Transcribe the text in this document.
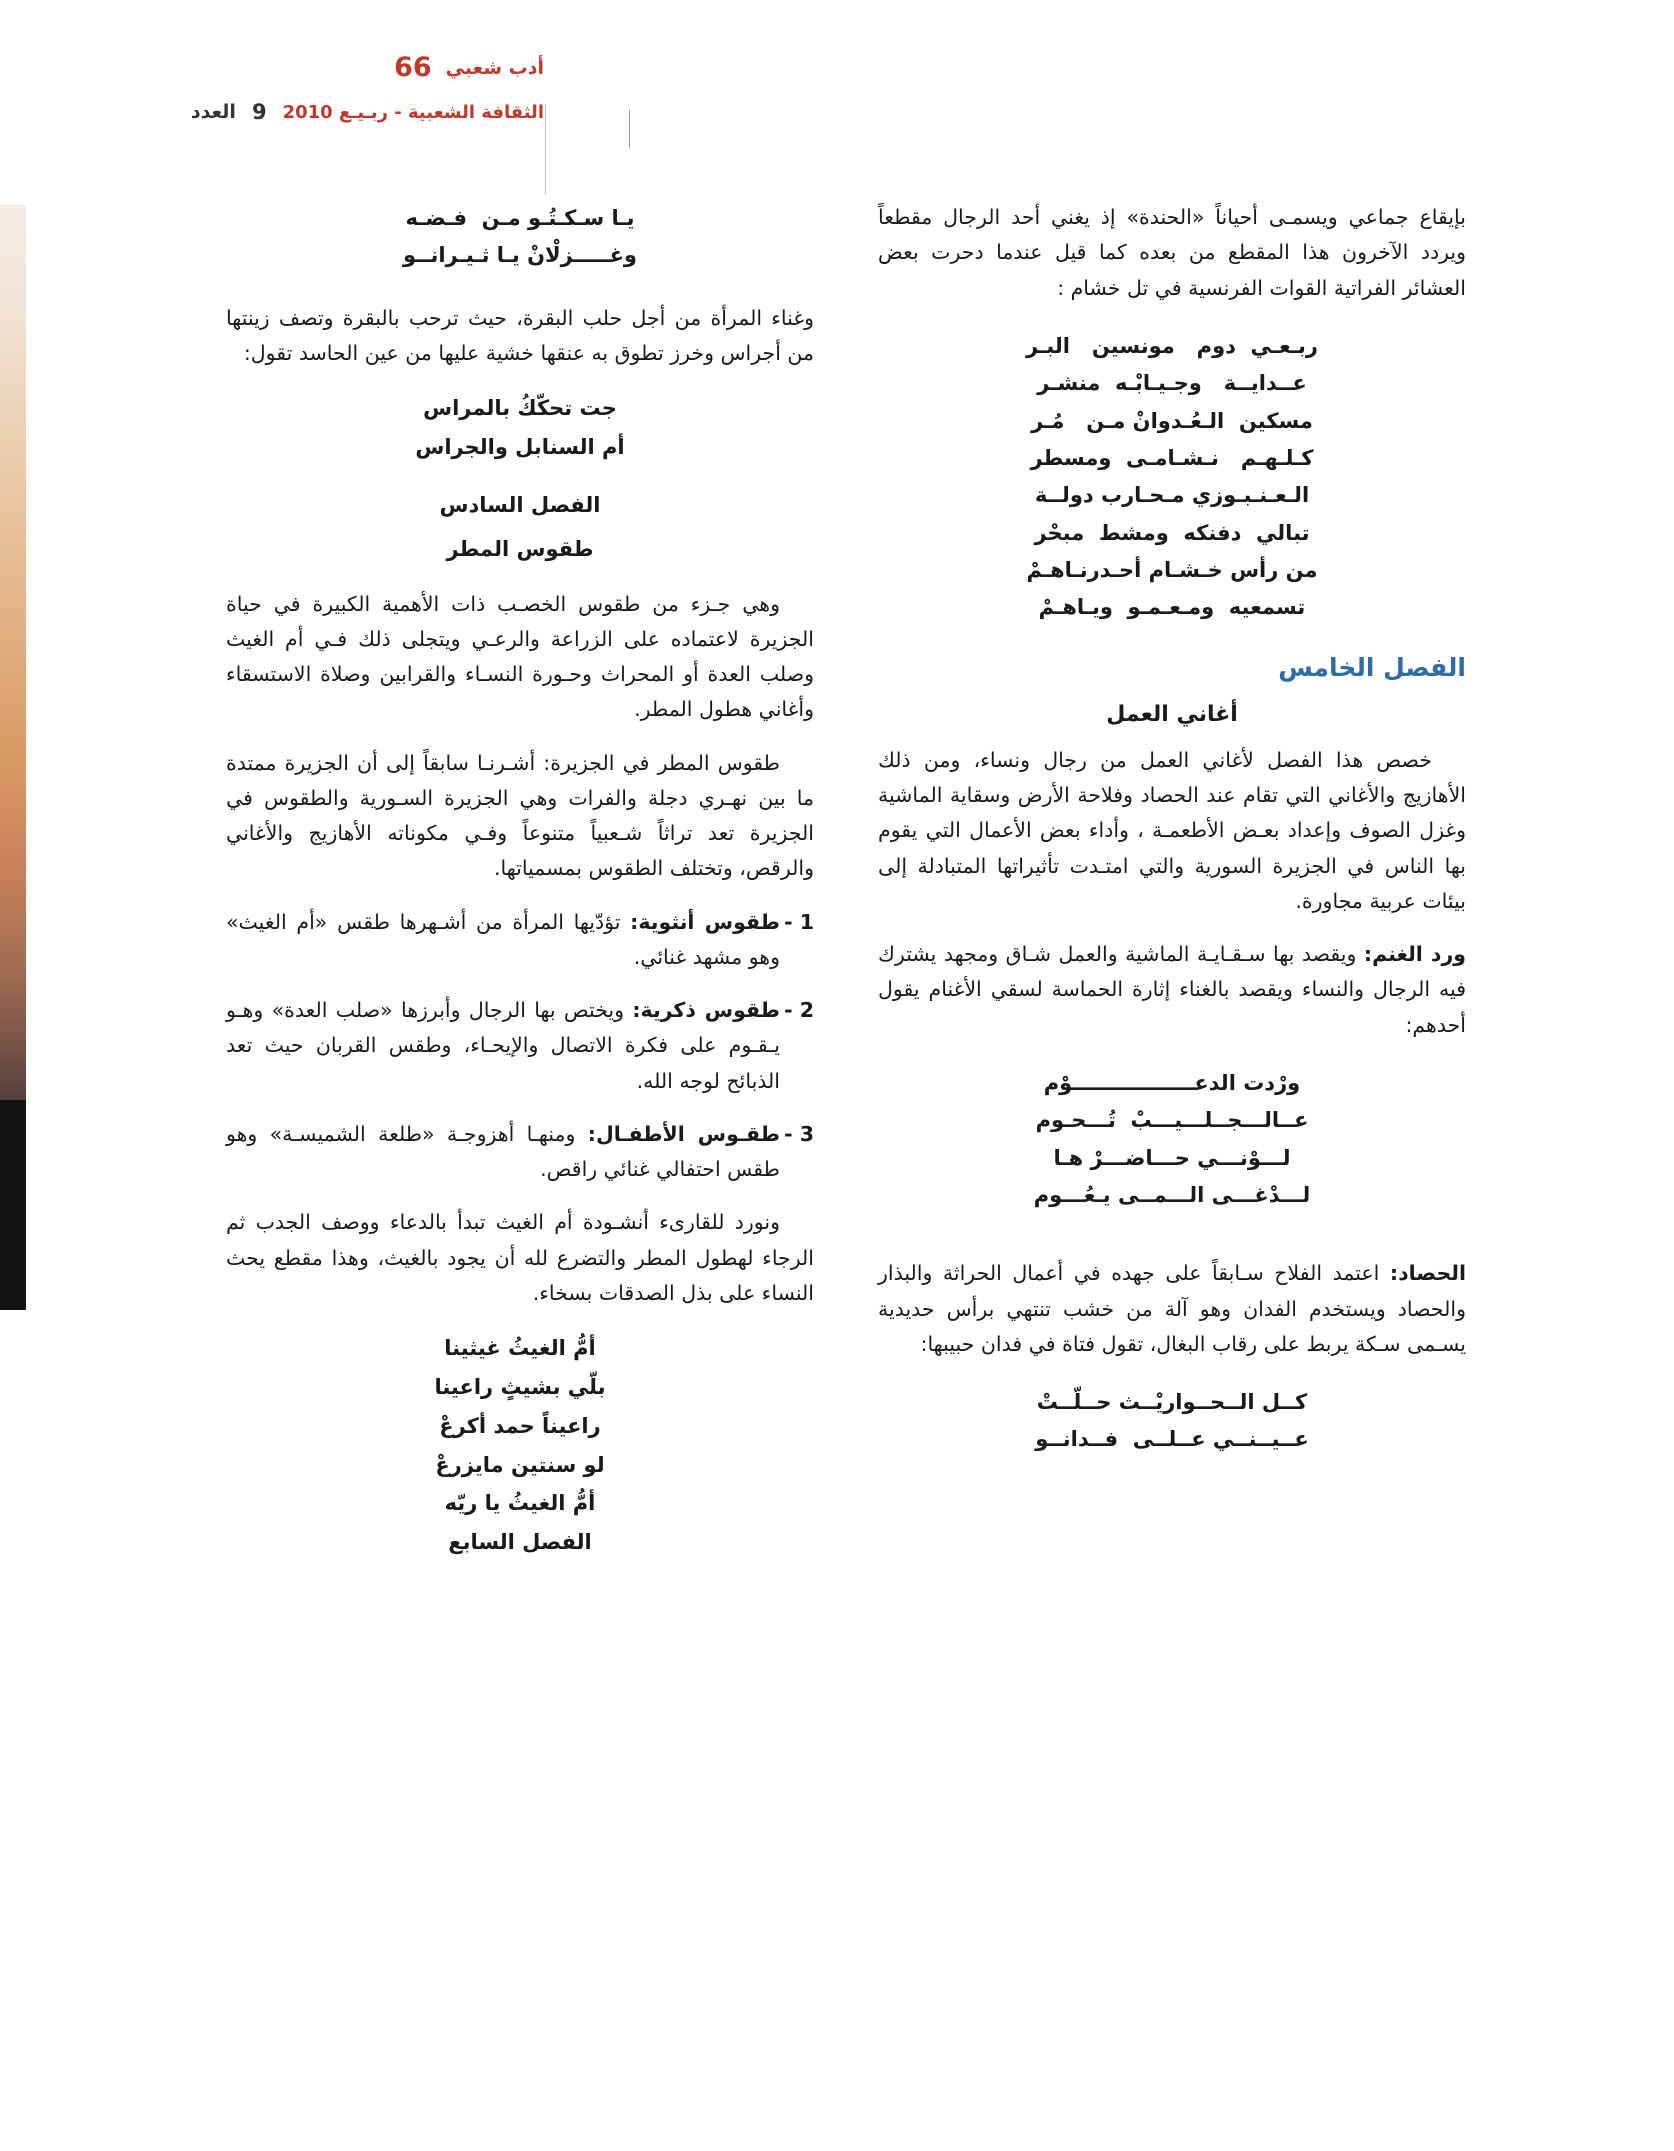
أدب شعبي
66
الثقافة الشعبية - ربـيـع 2010
9
العدد

بإيقاع جماعي ويسمـى أحياناً «الحندة» إذ يغني أحد الرجال مقطعاً ويردد الآخرون هذا المقطع من بعده كما قيل عندما دحرت بعض العشائر الفراتية القوات الفرنسية في تل خشام :

ربـعـي  دوم   مونسين   البـر
عــدايــة   وجـيـابْـه  منشـر
مسكين  الـعُـدوانْ مـن   مُـر
كـلـهـم   نـشـامـى  ومسطر
الـعـنـبـوزي مـحـارب دولــة
تبالي  دفنكه  ومشط  مبحْر
من رأس خـشـام أحـدرنـاهـمْ
تسمعيه  ومـعـمـو  ويـاهـمْ
الفصل الخامس
أغاني العمل

خصص هذا الفصل لأغاني العمل من رجال ونساء، ومن ذلك الأهازيج والأغاني التي تقام عند الحصاد وفلاحة الأرض وسقاية الماشية وغزل الصوف وإعداد بعـض الأطعمـة ، وأداء بعض الأعمال التي يقوم بها الناس في الجزيرة السورية والتي امتـدت تأثيراتها المتبادلة إلى بيئات عربية مجاورة.

ورد الغنم: ويقصد بها سـقـايـة الماشية والعمل شـاق ومجهد يشترك فيه الرجال والنساء ويقصد بالغناء إثارة الحماسة لسقي الأغنام يقول أحدهم:

ورْدت الدعـــــــــــــــــوْم
عــالـــجــلـــيـــبْ  تُـــحـوم
لـــوْنـــي حـــاضـــرْ هـا
لـــدْغـــى الـــمــى يـعُـــوم

الحصاد: اعتمد الفلاح سـابقاً على جهده في أعمال الحراثة والبذار والحصاد ويستخدم الفدان وهو آلة من خشب تنتهي برأس حديدية يسـمى سـكة يربط على رقاب البغال، تقول فتاة في فدان حبيبها:

كــل الــحــواريْــث حــلّــتْ
عــيــنــي عــلــى  فــدانــو
يـا سـكـتُـو مـن  فـضـه
وغـــــزلْانْ يـا ثـيـرانــو

وغناء المرأة من أجل حلب البقرة، حيث ترحب بالبقرة وتصف زينتها من أجراس وخرز تطوق به عنقها خشية عليها من عين الحاسد تقول:

جت تحكّكُ بالمراس
أم السنابل والجراس

الفصل السادس

طقوس المطر

وهي جـزء من طقوس الخصـب ذات الأهمية الكبيرة في حياة الجزيرة لاعتماده على الزراعة والرعـي ويتجلى ذلك فـي أم الغيث وصلب العدة أو المحراث وحـورة النسـاء والقرابين وصلاة الاستسقاء وأغاني هطول المطر.

طقوس المطر في الجزيرة: أشـرنـا سابقاً إلى أن الجزيرة ممتدة ما بين نهـري دجلة والفرات وهي الجزيرة السـورية والطقوس في الجزيرة تعد تراثاً شـعبياً متنوعاً وفـي مكوناته الأهازيج والأغاني والرقص، وتختلف الطقوس بمسمياتها.

1 -
طقوس أنثوية: تؤدّيها المرأة من أشـهرها طقس «أم الغيث» وهو مشهد غنائي.
2 -
طقوس ذكرية: ويختص بها الرجال وأبرزها «صلب العدة» وهـو يـقـوم على فكرة الاتصال والإيحـاء، وطقس القربان حيث تعد الذبائح لوجه الله.
3 -
طقـوس الأطفـال: ومنهـا أهزوجـة «طلعة الشميسـة» وهو طقس احتفالي غنائي راقص.

ونورد للقارىء أنشـودة أم الغيث تبدأ بالدعاء ووصف الجدب ثم الرجاء لهطول المطر والتضرع لله أن يجود بالغيث، وهذا مقطع يحث النساء على بذل الصدقات بسخاء.

أمُّ الغيثُ غيثينا
بلّي بشيثٍ راعينا
راعيناً حمد أكرعْ
لو سنتين مايزرعْ
أمُّ الغيثُ يا ريّه
الفصل السابع
